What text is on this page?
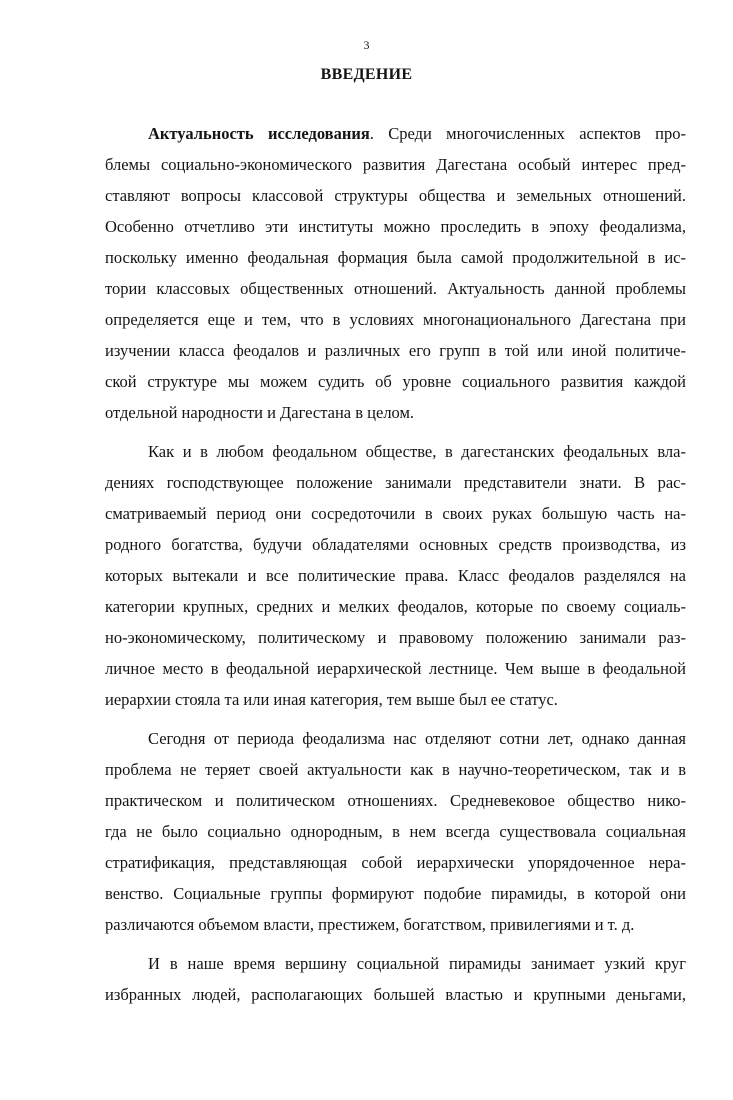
3
ВВЕДЕНИЕ
Актуальность исследования. Среди многочисленных аспектов про-
блемы социально-экономического развития Дагестана особый интерес пред-
ставляют вопросы классовой структуры общества и земельных отношений.
Особенно отчетливо эти институты можно проследить в эпоху феодализма,
поскольку именно феодальная формация была самой продолжительной в ис-
тории классовых общественных отношений. Актуальность данной проблемы
определяется еще и тем, что в условиях многонационального Дагестана при
изучении класса феодалов и различных его групп в той или иной политиче-
ской структуре мы можем судить об уровне социального развития каждой
отдельной народности и Дагестана в целом.
Как и в любом феодальном обществе, в дагестанских феодальных вла-
дениях господствующее положение занимали представители знати. В рас-
сматриваемый период они сосредоточили в своих руках большую часть на-
родного богатства, будучи обладателями основных средств производства, из
которых вытекали и все политические права. Класс феодалов разделялся на
категории крупных, средних и мелких феодалов, которые по своему социаль-
но-экономическому, политическому и правовому положению занимали раз-
личное место в феодальной иерархической лестнице. Чем выше в феодальной
иерархии стояла та или иная категория, тем выше был ее статус.
Сегодня от периода феодализма нас отделяют сотни лет, однако данная
проблема не теряет своей актуальности как в научно-теоретическом, так и в
практическом и политическом отношениях. Средневековое общество нико-
гда не было социально однородным, в нем всегда существовала социальная
стратификация, представляющая собой иерархически упорядоченное нера-
венство. Социальные группы формируют подобие пирамиды, в которой они
различаются объемом власти, престижем, богатством, привилегиями и т. д.
И в наше время вершину социальной пирамиды занимает узкий круг
избранных людей, располагающих большей властью и крупными деньгами,
